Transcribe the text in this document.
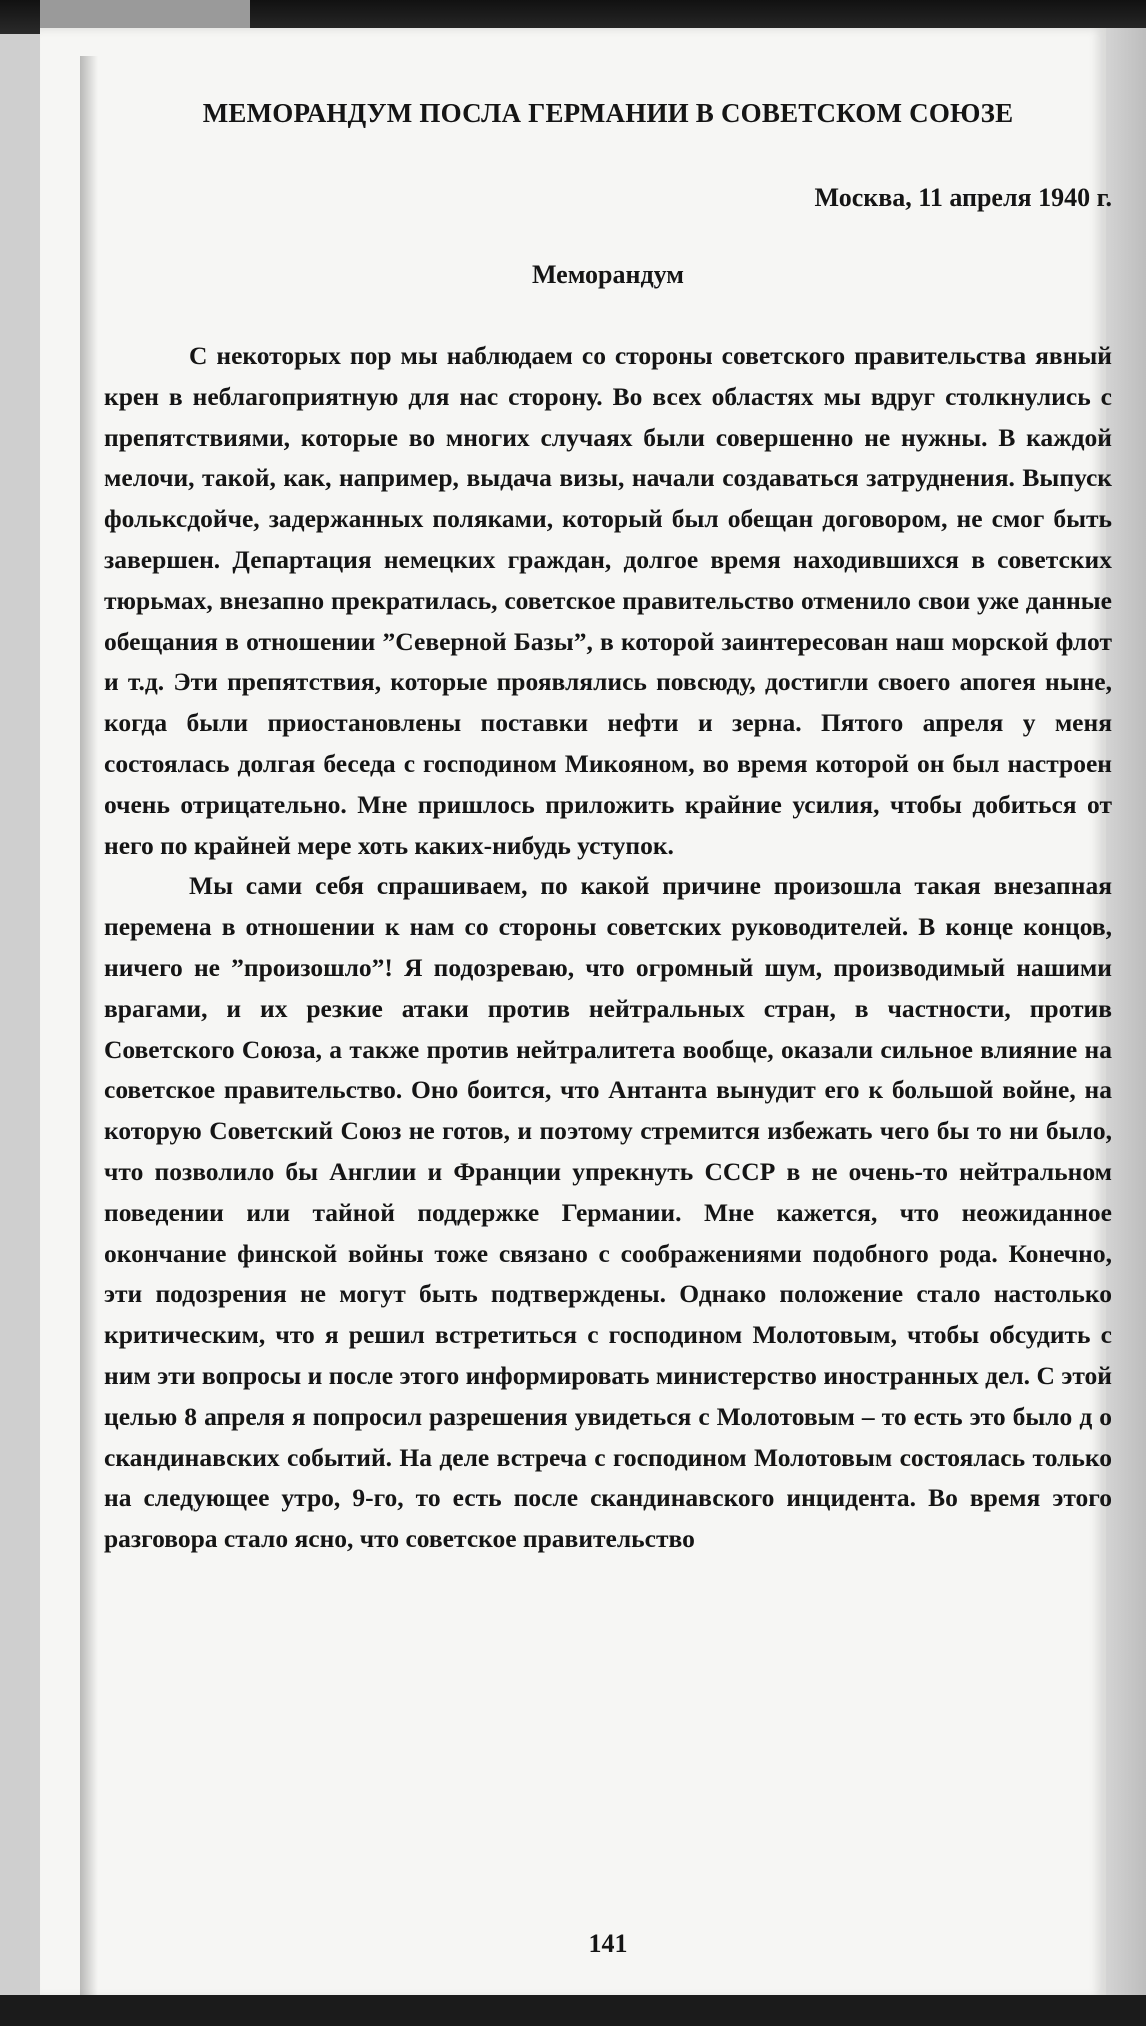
МЕМОРАНДУМ ПОСЛА ГЕРМАНИИ В СОВЕТСКОМ СОЮЗЕ
Москва, 11 апреля 1940 г.
Меморандум

С некоторых пор мы наблюдаем со стороны советского правительства явный крен в неблагоприятную для нас сторону. Во всех областях мы вдруг столкнулись с препятствиями, которые во многих случаях были совершенно не нужны. В каждой мелочи, такой, как, например, выдача визы, начали создаваться затруднения. Выпуск фольксдойче, задержанных поляками, который был обещан договором, не смог быть завершен. Департация немецких граждан, долгое время находившихся в советских тюрьмах, внезапно прекратилась, советское правительство отменило свои уже данные обещания в отношении ”Северной Базы”, в которой заинтересован наш морской флот и т.д. Эти препятствия, которые проявлялись повсюду, достигли своего апогея ныне, когда были приостановлены поставки нефти и зерна. Пятого апреля у меня состоялась долгая беседа с господином Микояном, во время которой он был настроен очень отрицательно. Мне пришлось приложить крайние усилия, чтобы добиться от него по крайней мере хоть каких-нибудь уступок.

Мы сами себя спрашиваем, по какой причине произошла такая внезапная перемена в отношении к нам со стороны советских руководителей. В конце концов, ничего не ”произошло”! Я подозреваю, что огромный шум, производимый нашими врагами, и их резкие атаки против нейтральных стран, в частности, против Советского Союза, а также против нейтралитета вообще, оказали сильное влияние на советское правительство. Оно боится, что Антанта вынудит его к большой войне, на которую Советский Союз не готов, и поэтому стремится избежать чего бы то ни было, что позволило бы Англии и Франции упрекнуть СССР в не очень-то нейтральном поведении или тайной поддержке Германии. Мне кажется, что неожиданное окончание финской войны тоже связано с соображениями подобного рода. Конечно, эти подозрения не могут быть подтверждены. Однако положение стало настолько критическим, что я решил встретиться с господином Молотовым, чтобы обсудить с ним эти вопросы и после этого информировать министерство иностранных дел. С этой целью 8 апреля я попросил разрешения увидеться с Молотовым – то есть это было д о скандинавских событий. На деле встреча с господином Молотовым состоялась только на следующее утро, 9-го, то есть после скандинавского инцидента. Во время этого разговора стало ясно, что советское правительство

141
